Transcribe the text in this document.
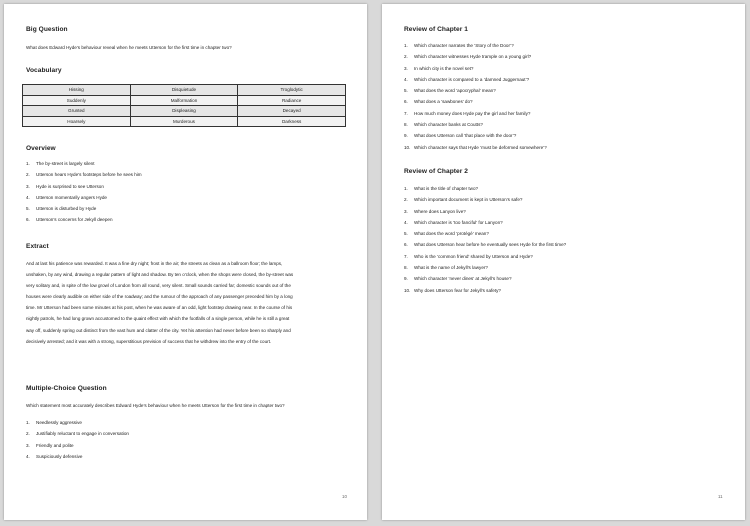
Big Question

What does Edward Hyde’s behaviour reveal when he meets Utterson for the first time in chapter two?

Vocabulary
Hissing	Disquietude	Troglodytic
Suddenly	Malformation	Radiance
Grunted	Displeasing	Decayed
Hoarsely	Murderous	Darkness
Overview
1. The by-street is largely silent
2. Utterson hears Hyde’s footsteps before he sees him
3. Hyde is surprised to see Utterson
4. Utterson momentarily angers Hyde
5. Utterson is disturbed by Hyde
6. Utterson’s concerns for Jekyll deepen
Extract

And at last his patience was rewarded. It was a fine dry night; frost in the air; the streets as clean as a ballroom floor; the lamps, unshaken, by any wind, drawing a regular pattern of light and shadow. By ten o’clock, when the shops were closed, the by-street was very solitary and, in spite of the low growl of London from all round, very silent. Small sounds carried far; domestic sounds out of the houses were clearly audible on either side of the roadway; and the rumour of the approach of any passenger preceded him by a long time. Mr Utterson had been some minutes at his post, when he was aware of an odd, light footstep drawing near. In the course of his nightly patrols, he had long grown accustomed to the quaint effect with which the footfalls of a single person, while he is still a great way off, suddenly spring out distinct from the vast hum and clatter of the city. Yet his attention had never before been so sharply and decisively arrested; and it was with a strong, superstitious prevision of success that he withdrew into the entry of the court.

Multiple-Choice Question

Which statement most accurately describes Edward Hyde’s behaviour when he meets Utterson for the first time in chapter two?

1. Needlessly aggressive
2. Justifiably reluctant to engage in conversation
3. Friendly and polite
4. Suspiciously defensive
10
Review of Chapter 1
1. Which character narrates the ‘Story of the Door’?
2. Which character witnesses Hyde trample on a young girl?
3. In which city is the novel set?
4. Which character is compared to a ‘damned Juggernaut’?
5. What does the word ‘apocryphal’ mean?
6. What does a ‘sawbones’ do?
7. How much money does Hyde pay the girl and her family?
8. Which character banks at Coutts?
9. What does Utterson call ‘that place with the door’?
10. Which character says that Hyde ‘must be deformed somewhere’?
Review of Chapter 2
1. What is the title of chapter two?
2. Which important document is kept in Utterson’s safe?
3. Where does Lanyon live?
4. Which character is ‘too fanciful’ for Lanyon?
5. What does the word ‘protégé’ mean?
6. What does Utterson hear before he eventually sees Hyde for the first time?
7. Who is the ‘common friend’ shared by Utterson and Hyde?
8. What is the name of Jekyll’s lawyer?
9. Which character ‘never dines’ at Jekyll’s house?
10. Why does Utterson fear for Jekyll’s safety?
11
